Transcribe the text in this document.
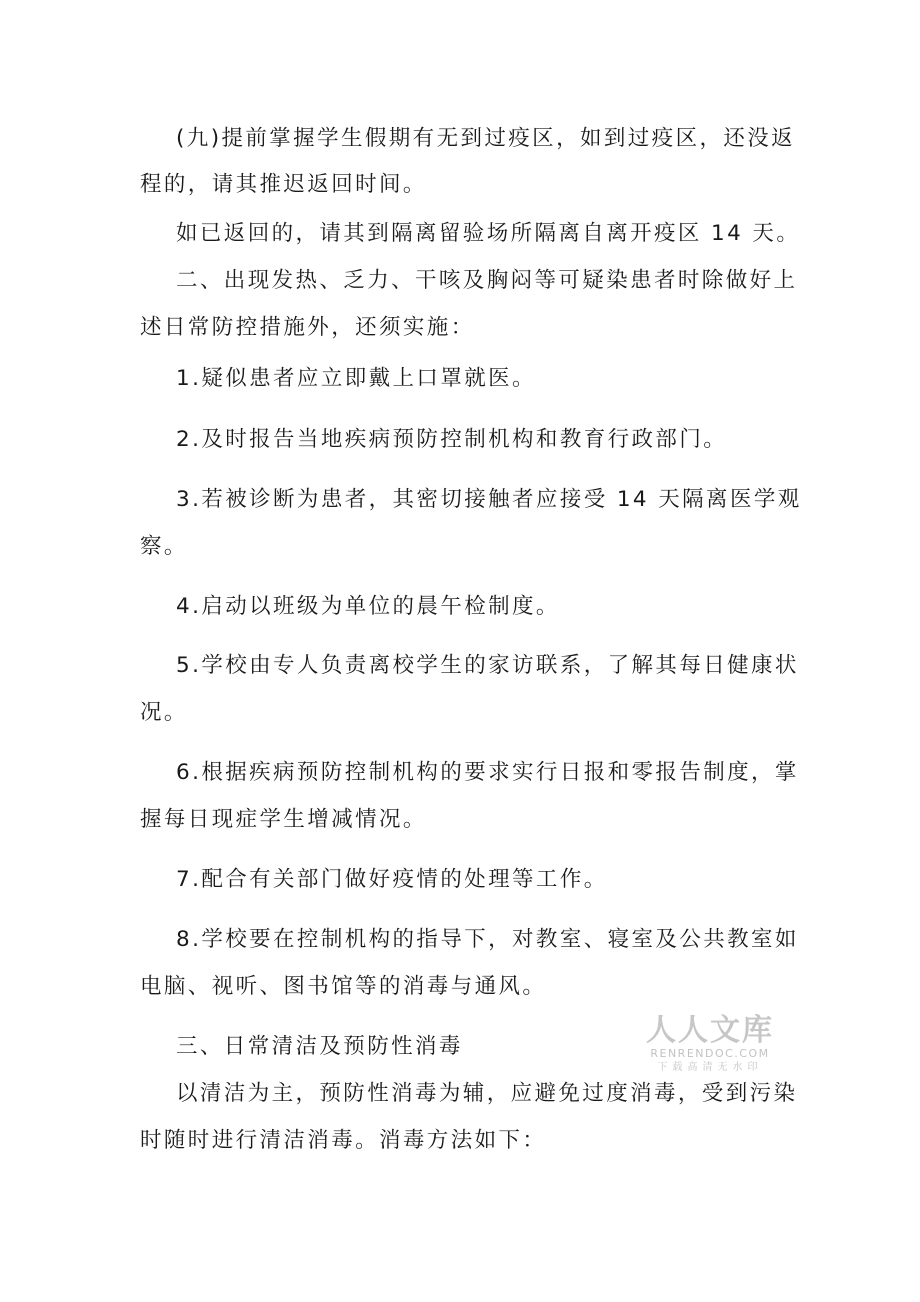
(九)提前掌握学生假期有无到过疫区，如到过疫区，还没返
程的，请其推迟返回时间。
如已返回的，请其到隔离留验场所隔离自离开疫区 14 天。
二、出现发热、乏力、干咳及胸闷等可疑染患者时除做好上
述日常防控措施外，还须实施：
1.疑似患者应立即戴上口罩就医。
2.及时报告当地疾病预防控制机构和教育行政部门。
3.若被诊断为患者，其密切接触者应接受 14 天隔离医学观
察。
4.启动以班级为单位的晨午检制度。
5.学校由专人负责离校学生的家访联系，了解其每日健康状
况。
6.根据疾病预防控制机构的要求实行日报和零报告制度，掌
握每日现症学生增减情况。
7.配合有关部门做好疫情的处理等工作。
8.学校要在控制机构的指导下，对教室、寝室及公共教室如
电脑、视听、图书馆等的消毒与通风。
三、日常清洁及预防性消毒
以清洁为主，预防性消毒为辅，应避免过度消毒，受到污染
时随时进行清洁消毒。消毒方法如下：
人人文库
RENRENDOC.COM
下载高清无水印
